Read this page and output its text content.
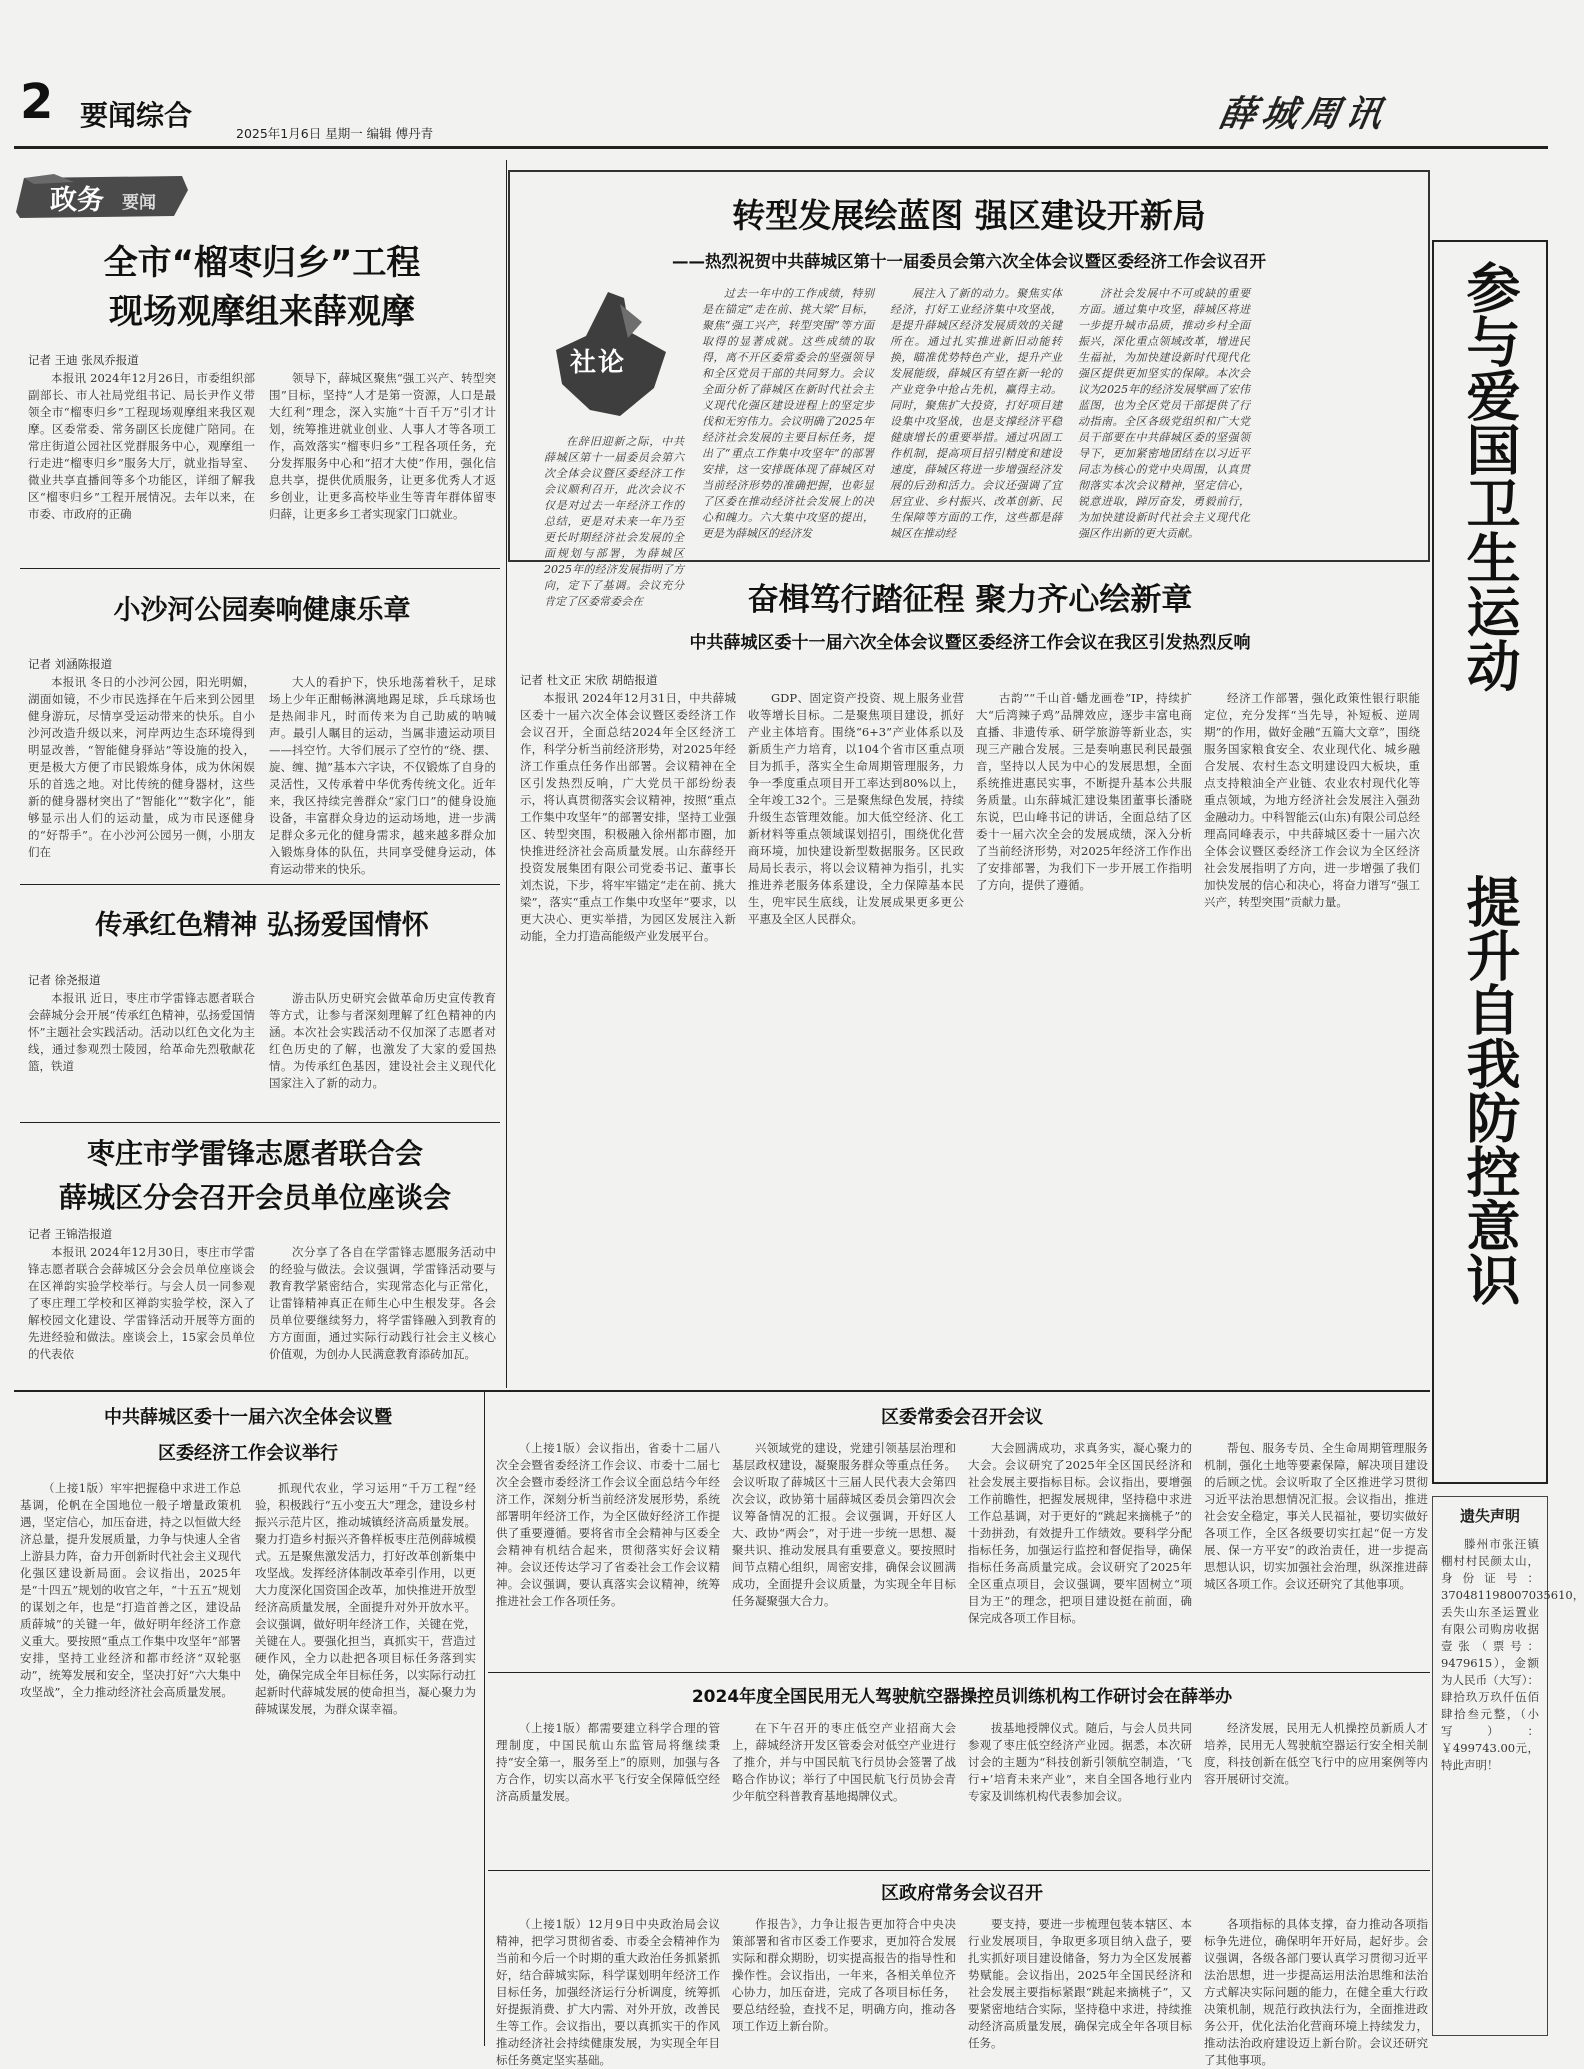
2 要闻综合
2025年1月6日 星期一 编辑 傅丹青	薛城周讯
政务 要闻
全市“榴枣归乡”工程
现场观摩组来薛观摩
记者 王迪 张凤乔报道
本报讯 2024年12月26日，市委组织部副部长、市人社局党组书记、局长尹作义带领全市“榴枣归乡”工程现场观摩组来我区观摩。区委常委、常务副区长庞健广陪同。在常庄街道公园社区党群服务中心，观摩组一行走进“榴枣归乡”服务大厅，就业指导室、微业共享直播间等多个功能区，详细了解我区“榴枣归乡”工程开展情况。去年以来，在市委、市政府的正确
领导下，薛城区聚焦“强工兴产、转型突围”目标，坚持“人才是第一资源，人口是最大红利”理念，深入实施“十百千万”引才计划，统筹推进就业创业、人事人才等各项工作，高效落实“榴枣归乡”工程各项任务，充分发挥服务中心和“招才大使”作用，强化信息共享，提供优质服务，让更多优秀人才返乡创业，让更多高校毕业生等青年群体留枣归薛，让更多乡工者实现家门口就业。
小沙河公园奏响健康乐章
记者 刘涵陈报道
本报讯 冬日的小沙河公园，阳光明媚，湖面如镜，不少市民选择在午后来到公园里健身游玩，尽情享受运动带来的快乐。自小沙河改造升级以来，河岸两边生态环境得到明显改善，“智能健身驿站”等设施的投入，更是极大方便了市民锻炼身体，成为休闲娱乐的首选之地。对比传统的健身器材，这些新的健身器材突出了“智能化”“数字化”，能够显示出人们的运动量，成为市民逐健身的“好帮手”。在小沙河公园另一侧，小朋友们在
大人的看护下，快乐地荡着秋千，足球场上少年正酣畅淋漓地踢足球，乒乓球场也是热闹非凡，时而传来为自己助威的呐喊声。最引人瞩目的运动，当属非遗运动项目——抖空竹。大爷们展示了空竹的“绕、摆、旋、缠、抛”基本六字诀，不仅锻炼了自身的灵活性，又传承着中华优秀传统文化。近年来，我区持续完善群众“家门口”的健身设施设备，丰富群众身边的运动场地，进一步满足群众多元化的健身需求，越来越多群众加入锻炼身体的队伍，共同享受健身运动，体育运动带来的快乐。
传承红色精神 弘扬爱国情怀
记者 徐尧报道
本报讯 近日，枣庄市学雷锋志愿者联合会薛城分会开展“传承红色精神，弘扬爱国情怀”主题社会实践活动。活动以红色文化为主线，通过参观烈士陵园，给革命先烈敬献花篮，铁道
游击队历史研究会做革命历史宣传教育等方式，让参与者深刻理解了红色精神的内涵。本次社会实践活动不仅加深了志愿者对红色历史的了解，也激发了大家的爱国热情。为传承红色基因，建设社会主义现代化国家注入了新的动力。
枣庄市学雷锋志愿者联合会
薛城区分会召开会员单位座谈会
记者 王锦浩报道
本报讯 2024年12月30日，枣庄市学雷锋志愿者联合会薛城区分会会员单位座谈会在区禅韵实验学校举行。与会人员一同参观了枣庄理工学校和区禅韵实验学校，深入了解校园文化建设、学雷锋活动开展等方面的先进经验和做法。座谈会上，15家会员单位的代表依
次分享了各自在学雷锋志愿服务活动中的经验与做法。会议强调，学雷锋活动要与教育教学紧密结合，实现常态化与正常化，让雷锋精神真正在师生心中生根发芽。各会员单位要继续努力，将学雷锋融入到教育的方方面面，通过实际行动践行社会主义核心价值观，为创办人民满意教育添砖加瓦。
转型发展绘蓝图 强区建设开新局
——热烈祝贺中共薛城区第十一届委员会第六次全体会议暨区委经济工作会议召开
社论
在辞旧迎新之际，中共薛城区第十一届委员会第六次全体会议暨区委经济工作会议顺利召开，此次会议不仅是对过去一年经济工作的总结，更是对未来一年乃至更长时期经济社会发展的全面规划与部署，为薛城区2025年的经济发展指明了方向，定下了基调。会议充分肯定了区委常委会在
过去一年中的工作成绩，特别是在锚定“走在前、挑大梁”目标，聚焦“强工兴产，转型突围”等方面取得的显著成就。这些成绩的取得，离不开区委常委会的坚强领导和全区党员干部的共同努力。会议全面分析了薛城区在新时代社会主义现代化强区建设进程上的坚定步伐和无穷伟力。会议明确了2025年经济社会发展的主要目标任务，提出了“重点工作集中攻坚年”的部署安排，这一安排既体现了薛城区对当前经济形势的准确把握，也彰显了区委在推动经济社会发展上的决心和魄力。六大集中攻坚的提出，更是为薛城区的经济发
展注入了新的动力。聚焦实体经济，打好工业经济集中攻坚战，是提升薛城区经济发展质效的关键所在。通过扎实推进新旧动能转换，瞄准优势特色产业，提升产业发展能级，薛城区有望在新一轮的产业竞争中抢占先机，赢得主动。同时，聚焦扩大投资，打好项目建设集中攻坚战，也是支撑经济平稳健康增长的重要举措。通过巩固工作机制，提高项目招引精度和建设速度，薛城区将进一步增强经济发展的后劲和活力。会议还强调了宜居宜业、乡村振兴、改革创新、民生保障等方面的工作，这些都是薛城区在推动经
济社会发展中不可或缺的重要方面。通过集中攻坚，薛城区将进一步提升城市品质，推动乡村全面振兴，深化重点领域改革，增进民生福祉，为加快建设新时代现代化强区提供更加坚实的保障。本次会议为2025年的经济发展擘画了宏伟蓝图，也为全区党员干部提供了行动指南。全区各级党组织和广大党员干部要在中共薛城区委的坚强领导下，更加紧密地团结在以习近平同志为核心的党中央周围，认真贯彻落实本次会议精神，坚定信心，锐意进取，踔厉奋发，勇毅前行，为加快建设新时代社会主义现代化强区作出新的更大贡献。	参与爱国卫生运动
提升自我防控意识
奋楫笃行踏征程 聚力齐心绘新章
中共薛城区委十一届六次全体会议暨区委经济工作会议在我区引发热烈反响
记者 杜文正 宋欣 胡皓报道
本报讯 2024年12月31日，中共薛城区委十一届六次全体会议暨区委经济工作会议召开，全面总结2024年全区经济工作，科学分析当前经济形势，对2025年经济工作重点任务作出部署。会议精神在全区引发热烈反响，广大党员干部纷纷表示，将认真贯彻落实会议精神，按照“重点工作集中攻坚年”的部署安排，坚持工业强区、转型突围，积极融入徐州都市圈，加快推进经济社会高质量发展。山东薛经开投资发展集团有限公司党委书记、董事长刘杰说，下步，将牢牢锚定“走在前、挑大梁”，落实“重点工作集中攻坚年”要求，以更大决心、更实举措，为园区发展注入新动能，全力打造高能级产业发展平台。
GDP、固定资产投资、规上服务业营收等增长目标。二是聚焦项目建设，抓好产业主体培育。围绕“6+3”产业体系以及新质生产力培育，以104个省市区重点项目为抓手，落实全生命周期管理服务，力争一季度重点项目开工率达到80%以上，全年竣工32个。三是聚焦绿色发展，持续升级生态管理效能。加大低空经济、化工新材料等重点领域谋划招引，围绕优化营商环境，加快建设新型数据服务。区民政局局长表示，将以会议精神为指引，扎实推进养老服务体系建设，全力保障基本民生，兜牢民生底线，让发展成果更多更公平惠及全区人民群众。
古韵”“千山首·蟠龙画卷”IP，持续扩大“后湾辣子鸡”品牌效应，逐步丰富电商直播、非遗传承、研学旅游等新业态，实现三产融合发展。三是奏响惠民利民最强音，坚持以人民为中心的发展思想，全面系统推进惠民实事，不断提升基本公共服务质量。山东薛城汇建设集团董事长潘晓东说，巴山峰书记的讲话，全面总结了区委十一届六次全会的发展成绩，深入分析了当前经济形势，对2025年经济工作作出了安排部署，为我们下一步开展工作指明了方向，提供了遵循。
经济工作部署，强化政策性银行职能定位，充分发挥“当先导，补短板、逆周期”的作用，做好金融“五篇大文章”，围绕服务国家粮食安全、农业现代化、城乡融合发展、农村生态文明建设四大板块，重点支持粮油全产业链、农业农村现代化等重点领域，为地方经济社会发展注入强劲金融动力。中科智能云(山东)有限公司总经理高同峰表示，中共薛城区委十一届六次全体会议暨区委经济工作会议为全区经济社会发展指明了方向，进一步增强了我们加快发展的信心和决心，将奋力谱写“强工兴产，转型突围”贡献力量。
中共薛城区委十一届六次全体会议暨
区委经济工作会议举行
（上接1版）牢牢把握稳中求进工作总基调，伦帆在全国地位一般子增量政策机遇，坚定信心，加压奋进，持之以恒做大经济总量，提升发展质量，力争与快速人全省上游县力阵，奋力开创新时代社会主义现代化强区建设新局面。会议指出，2025年是“十四五”规划的收官之年，“十五五”规划的谋划之年，也是“打造首善之区，建设品质薛城”的关键一年，做好明年经济工作意义重大。要按照“重点工作集中攻坚年”部署安排，坚持工业经济和都市经济“双轮驱动”，统筹发展和安全，坚决打好“六大集中攻坚战”，全力推动经济社会高质量发展。
抓现代农业，学习运用“千万工程”经验，积极践行“五小变五大”理念，建设乡村振兴示范片区，推动城镇经济高质量发展。聚力打造乡村振兴齐鲁样板枣庄范例薛城模式。五是聚焦激发活力，打好改革创新集中攻坚战。发挥经济体制改革牵引作用，以更大力度深化国资国企改革，加快推进开放型经济高质量发展，全面提升对外开放水平。会议强调，做好明年经济工作，关键在党，关键在人。要强化担当，真抓实干，营造过硬作风，全力以赴把各项目标任务落到实处，确保完成全年目标任务，以实际行动扛起新时代薛城发展的使命担当，凝心聚力为薛城谋发展，为群众谋幸福。
区委常委会召开会议
（上接1版）会议指出，省委十二届八次全会暨省委经济工作会议、市委十二届七次全会暨市委经济工作会议全面总结今年经济工作，深刻分析当前经济发展形势，系统部署明年经济工作，为全区做好经济工作提供了重要遵循。要将省市全会精神与区委全会精神有机结合起来，贯彻落实好会议精神。会议还传达学习了省委社会工作会议精神。会议强调，要认真落实会议精神，统筹推进社会工作各项任务。
兴领域党的建设，党建引领基层治理和基层政权建设，凝聚服务群众等重点任务。会议听取了薛城区十三届人民代表大会第四次会议，政协第十届薛城区委员会第四次会议筹备情况的汇报。会议强调，开好区人大、政协“两会”，对于进一步统一思想、凝聚共识、推动发展具有重要意义。要按照时间节点精心组织，周密安排，确保会议圆满成功，全面提升会议质量，为实现全年目标任务凝聚强大合力。
大会圆满成功，求真务实，凝心聚力的大会。会议研究了2025年全区国民经济和社会发展主要指标目标。会议指出，要增强工作前瞻性，把握发展规律，坚持稳中求进工作总基调，对于更好的“跳起来摘桃子”的十劲拼劲，有效提升工作绩效。要科学分配指标任务，加强运行监控和督促指导，确保指标任务高质量完成。会议研究了2025年全区重点项目，会议强调，要牢固树立“项目为王”的理念，把项目建设挺在前面，确保完成各项工作目标。
帮包、服务专员、全生命周期管理服务机制，强化土地等要素保障，解决项目建设的后顾之忧。会议听取了全区推进学习贯彻习近平法治思想情况汇报。会议指出，推进社会安全稳定，事关人民福祉，要切实做好各项工作，全区各级要切实扛起“促一方发展、保一方平安”的政治责任，进一步提高思想认识，切实加强社会治理，纵深推进薛城区各项工作。会议还研究了其他事项。
2024年度全国民用无人驾驶航空器操控员训练机构工作研讨会在薛举办
（上接1版）都需要建立科学合理的管理制度，中国民航山东监管局将继续秉持“安全第一，服务至上”的原则，加强与各方合作，切实以高水平飞行安全保障低空经济高质量发展。
在下午召开的枣庄低空产业招商大会上，薛城经济开发区管委会对低空产业进行了推介，并与中国民航飞行员协会签署了战略合作协议；举行了中国民航飞行员协会青少年航空科普教育基地揭牌仪式。
拔基地授牌仪式。随后，与会人员共同参观了枣庄低空经济产业园。据悉，本次研讨会的主题为“科技创新引领航空制造，‘飞行+’培育未来产业”，来自全国各地行业内专家及训练机构代表参加会议。
经济发展，民用无人机操控员新质人才培养，民用无人驾驶航空器运行安全相关制度，科技创新在低空飞行中的应用案例等内容开展研讨交流。
区政府常务会议召开
（上接1版）12月9日中央政治局会议精神，把学习贯彻省委、市委全会精神作为当前和今后一个时期的重大政治任务抓紧抓好，结合薛城实际，科学谋划明年经济工作目标任务，加强经济运行分析调度，统筹抓好提振消费、扩大内需、对外开放，改善民生等工作。会议指出，要以真抓实干的作风推动经济社会持续健康发展，为实现全年目标任务奠定坚实基础。
作报告》，力争让报告更加符合中央决策部署和省市区委工作要求，更加符合发展实际和群众期盼，切实提高报告的指导性和操作性。会议指出，一年来，各相关单位齐心协力，加压奋进，完成了各项目标任务，要总结经验，查找不足，明确方向，推动各项工作迈上新台阶。
要支持，要进一步梳理包装本辖区、本行业发展项目，争取更多项目纳入盘子，要扎实抓好项目建设储备，努力为全区发展蓄势赋能。会议指出，2025年全国民经济和社会发展主要指标紧跟“跳起来摘桃子”，又要紧密地结合实际，坚持稳中求进，持续推动经济高质量发展，确保完成全年各项目标任务。
各项指标的具体支撑，奋力推动各项指标争先进位，确保明年开好局，起好步。会议强调，各级各部门要认真学习贯彻习近平法治思想，进一步提高运用法治思维和法治方式解决实际问题的能力，在健全重大行政决策机制，规范行政执法行为，全面推进政务公开，优化法治化营商环境上持续发力，推动法治政府建设迈上新台阶。会议还研究了其他事项。
遗失声明
滕州市张汪镇棚村村民颜太山，身份证号：370481198007035610，丢失山东圣运置业有限公司购房收据壹张（票号：9479615），金额为人民币（大写）：肆拾玖万玖仟伍佰肆拾叁元整，（小写）：￥499743.00元，特此声明！
